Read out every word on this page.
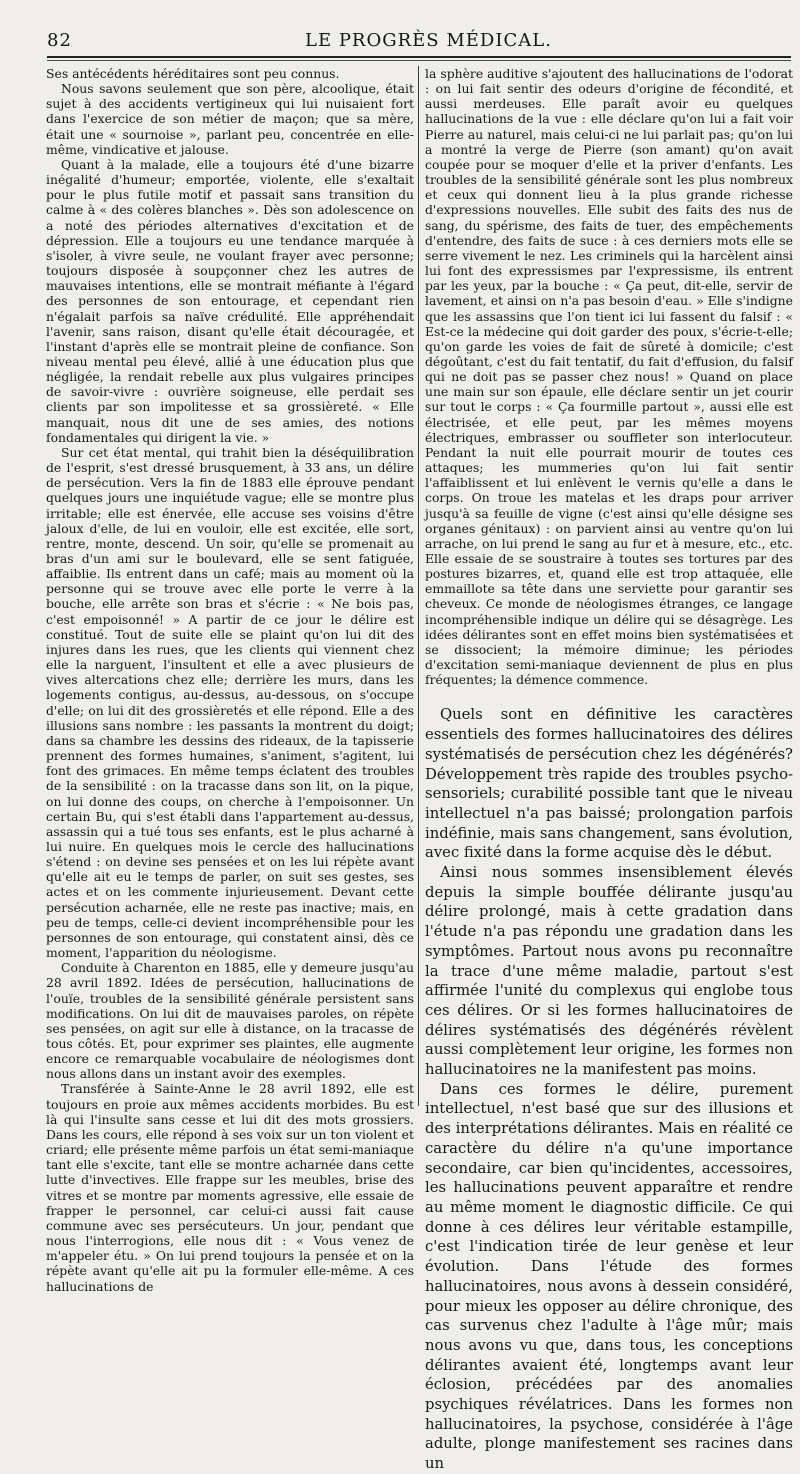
82	LE PROGRÈS MÉDICAL.

Ses antécédents héréditaires sont peu connus.

Nous savons seulement que son père, alcoolique, était sujet à des accidents vertigineux qui lui nuisaient fort dans l'exercice de son métier de maçon; que sa mère, était une « sournoise », parlant peu, concentrée en elle-même, vindicative et jalouse.

Quant à la malade, elle a toujours été d'une bizarre inégalité d'humeur; emportée, violente, elle s'exaltait pour le plus futile motif et passait sans transition du calme à « des colères blanches ». Dès son adolescence on a noté des périodes alternatives d'excitation et de dépression. Elle a toujours eu une tendance marquée à s'isoler, à vivre seule, ne voulant frayer avec personne; toujours disposée à soupçonner chez les autres de mauvaises intentions, elle se montrait méfiante à l'égard des personnes de son entourage, et cependant rien n'égalait parfois sa naïve crédulité. Elle appréhendait l'avenir, sans raison, disant qu'elle était découragée, et l'instant d'après elle se montrait pleine de confiance. Son niveau mental peu élevé, allié à une éducation plus que négligée, la rendait rebelle aux plus vulgaires principes de savoir-vivre : ouvrière soigneuse, elle perdait ses clients par son impolitesse et sa grossièreté. « Elle manquait, nous dit une de ses amies, des notions fondamentales qui dirigent la vie. »

Sur cet état mental, qui trahit bien la déséquilibration de l'esprit, s'est dressé brusquement, à 33 ans, un délire de persécution. Vers la fin de 1883 elle éprouve pendant quelques jours une inquiétude vague; elle se montre plus irritable; elle est énervée, elle accuse ses voisins d'être jaloux d'elle, de lui en vouloir, elle est excitée, elle sort, rentre, monte, descend. Un soir, qu'elle se promenait au bras d'un ami sur le boulevard, elle se sent fatiguée, affaiblie. Ils entrent dans un café; mais au moment où la personne qui se trouve avec elle porte le verre à la bouche, elle arrête son bras et s'écrie : « Ne bois pas, c'est empoisonné! » A partir de ce jour le délire est constitué. Tout de suite elle se plaint qu'on lui dit des injures dans les rues, que les clients qui viennent chez elle la narguent, l'insultent et elle a avec plusieurs de vives altercations chez elle; derrière les murs, dans les logements contigus, au-dessus, au-dessous, on s'occupe d'elle; on lui dit des grossièretés et elle répond. Elle a des illusions sans nombre : les passants la montrent du doigt; dans sa chambre les dessins des rideaux, de la tapisserie prennent des formes humaines, s'animent, s'agitent, lui font des grimaces. En même temps éclatent des troubles de la sensibilité : on la tracasse dans son lit, on la pique, on lui donne des coups, on cherche à l'empoisonner. Un certain Bu, qui s'est établi dans l'appartement au-dessus, assassin qui a tué tous ses enfants, est le plus acharné à lui nuire. En quelques mois le cercle des hallucinations s'étend : on devine ses pensées et on les lui répète avant qu'elle ait eu le temps de parler, on suit ses gestes, ses actes et on les commente injurieusement. Devant cette persécution acharnée, elle ne reste pas inactive; mais, en peu de temps, celle-ci devient incompréhensible pour les personnes de son entourage, qui constatent ainsi, dès ce moment, l'apparition du néologisme.

Conduite à Charenton en 1885, elle y demeure jusqu'au 28 avril 1892. Idées de persécution, hallucinations de l'ouïe, troubles de la sensibilité générale persistent sans modifications. On lui dit de mauvaises paroles, on répète ses pensées, on agit sur elle à distance, on la tracasse de tous côtés. Et, pour exprimer ses plaintes, elle augmente encore ce remarquable vocabulaire de néologismes dont nous allons dans un instant avoir des exemples.

Transférée à Sainte-Anne le 28 avril 1892, elle est toujours en proie aux mêmes accidents morbides. Bu est là qui l'insulte sans cesse et lui dit des mots grossiers. Dans les cours, elle répond à ses voix sur un ton violent et criard; elle présente même parfois un état semi-maniaque tant elle s'excite, tant elle se montre acharnée dans cette lutte d'invectives. Elle frappe sur les meubles, brise des vitres et se montre par moments agressive, elle essaie de frapper le personnel, car celui-ci aussi fait cause commune avec ses persécuteurs. Un jour, pendant que nous l'interrogions, elle nous dit : « Vous venez de m'appeler étu. » On lui prend toujours la pensée et on la répète avant qu'elle ait pu la formuler elle-même. A ces hallucinations de

la sphère auditive s'ajoutent des hallucinations de l'odorat : on lui fait sentir des odeurs d'origine de fécondité, et aussi merdeuses. Elle paraît avoir eu quelques hallucinations de la vue : elle déclare qu'on lui a fait voir Pierre au naturel, mais celui-ci ne lui parlait pas; qu'on lui a montré la verge de Pierre (son amant) qu'on avait coupée pour se moquer d'elle et la priver d'enfants. Les troubles de la sensibilité générale sont les plus nombreux et ceux qui donnent lieu à la plus grande richesse d'expressions nouvelles. Elle subit des faits des nus de sang, du spérisme, des faits de tuer, des empêchements d'entendre, des faits de suce : à ces derniers mots elle se serre vivement le nez. Les criminels qui la harcèlent ainsi lui font des expressismes par l'expressisme, ils entrent par les yeux, par la bouche : « Ça peut, dit-elle, servir de lavement, et ainsi on n'a pas besoin d'eau. » Elle s'indigne que les assassins que l'on tient ici lui fassent du falsif : « Est-ce la médecine qui doit garder des poux, s'écrie-t-elle; qu'on garde les voies de fait de sûreté à domicile; c'est dégoûtant, c'est du fait tentatif, du fait d'effusion, du falsif qui ne doit pas se passer chez nous! » Quand on place une main sur son épaule, elle déclare sentir un jet courir sur tout le corps : « Ça fourmille partout », aussi elle est électrisée, et elle peut, par les mêmes moyens électriques, embrasser ou souffleter son interlocuteur. Pendant la nuit elle pourrait mourir de toutes ces attaques; les mummeries qu'on lui fait sentir l'affaiblissent et lui enlèvent le vernis qu'elle a dans le corps. On troue les matelas et les draps pour arriver jusqu'à sa feuille de vigne (c'est ainsi qu'elle désigne ses organes génitaux) : on parvient ainsi au ventre qu'on lui arrache, on lui prend le sang au fur et à mesure, etc., etc. Elle essaie de se soustraire à toutes ses tortures par des postures bizarres, et, quand elle est trop attaquée, elle emmaillote sa tête dans une serviette pour garantir ses cheveux. Ce monde de néologismes étranges, ce langage incompréhensible indique un délire qui se désagrège. Les idées délirantes sont en effet moins bien systématisées et se dissocient; la mémoire diminue; les périodes d'excitation semi-maniaque deviennent de plus en plus fréquentes; la démence commence.

Quels sont en définitive les caractères essentiels des formes hallucinatoires des délires systématisés de persécution chez les dégénérés? Développement très rapide des troubles psycho-sensoriels; curabilité possible tant que le niveau intellectuel n'a pas baissé; prolongation parfois indéfinie, mais sans changement, sans évolution, avec fixité dans la forme acquise dès le début.

Ainsi nous sommes insensiblement élevés depuis la simple bouffée délirante jusqu'au délire prolongé, mais à cette gradation dans l'étude n'a pas répondu une gradation dans les symptômes. Partout nous avons pu reconnaître la trace d'une même maladie, partout s'est affirmée l'unité du complexus qui englobe tous ces délires. Or si les formes hallucinatoires de délires systématisés des dégénérés révèlent aussi complètement leur origine, les formes non hallucinatoires ne la manifestent pas moins.

Dans ces formes le délire, purement intellectuel, n'est basé que sur des illusions et des interprétations délirantes. Mais en réalité ce caractère du délire n'a qu'une importance secondaire, car bien qu'incidentes, accessoires, les hallucinations peuvent apparaître et rendre au même moment le diagnostic difficile. Ce qui donne à ces délires leur véritable estampille, c'est l'indication tirée de leur genèse et leur évolution. Dans l'étude des formes hallucinatoires, nous avons à dessein considéré, pour mieux les opposer au délire chronique, des cas survenus chez l'adulte à l'âge mûr; mais nous avons vu que, dans tous, les conceptions délirantes avaient été, longtemps avant leur éclosion, précédées par des anomalies psychiques révélatrices. Dans les formes non hallucinatoires, la psychose, considérée à l'âge adulte, plonge manifestement ses racines dans un
